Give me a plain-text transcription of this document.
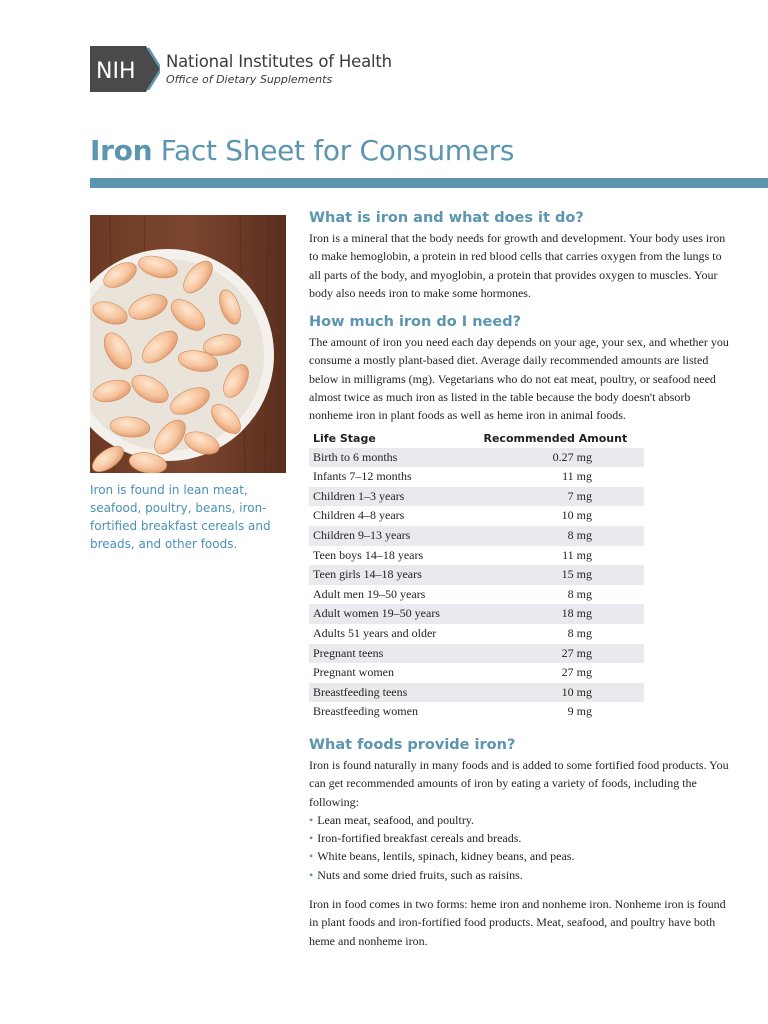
NIH National Institutes of Health
Office of Dietary Supplements
Iron Fact Sheet for Consumers
Iron is found in lean meat, seafood, poultry, beans, iron-fortified breakfast cereals and breads, and other foods.
What is iron and what does it do?

Iron is a mineral that the body needs for growth and development. Your body uses iron to make hemoglobin, a protein in red blood cells that carries oxygen from the lungs to all parts of the body, and myoglobin, a protein that provides oxygen to muscles. Your body also needs iron to make some hormones.

How much iron do I need?

The amount of iron you need each day depends on your age, your sex, and whether you consume a mostly plant-based diet. Average daily recommended amounts are listed below in milligrams (mg). Vegetarians who do not eat meat, poultry, or seafood need almost twice as much iron as listed in the table because the body doesn't absorb nonheme iron in plant foods as well as heme iron in animal foods.

Life Stage	Recommended Amount
Birth to 6 months	0.27 mg
Infants 7–12 months	11 mg
Children 1–3 years	7 mg
Children 4–8 years	10 mg
Children 9–13 years	8 mg
Teen boys 14–18 years	11 mg
Teen girls 14–18 years	15 mg
Adult men 19–50 years	8 mg
Adult women 19–50 years	18 mg
Adults 51 years and older	8 mg
Pregnant teens	27 mg
Pregnant women	27 mg
Breastfeeding teens	10 mg
Breastfeeding women	9 mg
What foods provide iron?

Iron is found naturally in many foods and is added to some fortified food products. You can get recommended amounts of iron by eating a variety of foods, including the following:

• Lean meat, seafood, and poultry.
• Iron-fortified breakfast cereals and breads.
• White beans, lentils, spinach, kidney beans, and peas.
• Nuts and some dried fruits, such as raisins.

Iron in food comes in two forms: heme iron and nonheme iron. Nonheme iron is found in plant foods and iron-fortified food products. Meat, seafood, and poultry have both heme and nonheme iron.
